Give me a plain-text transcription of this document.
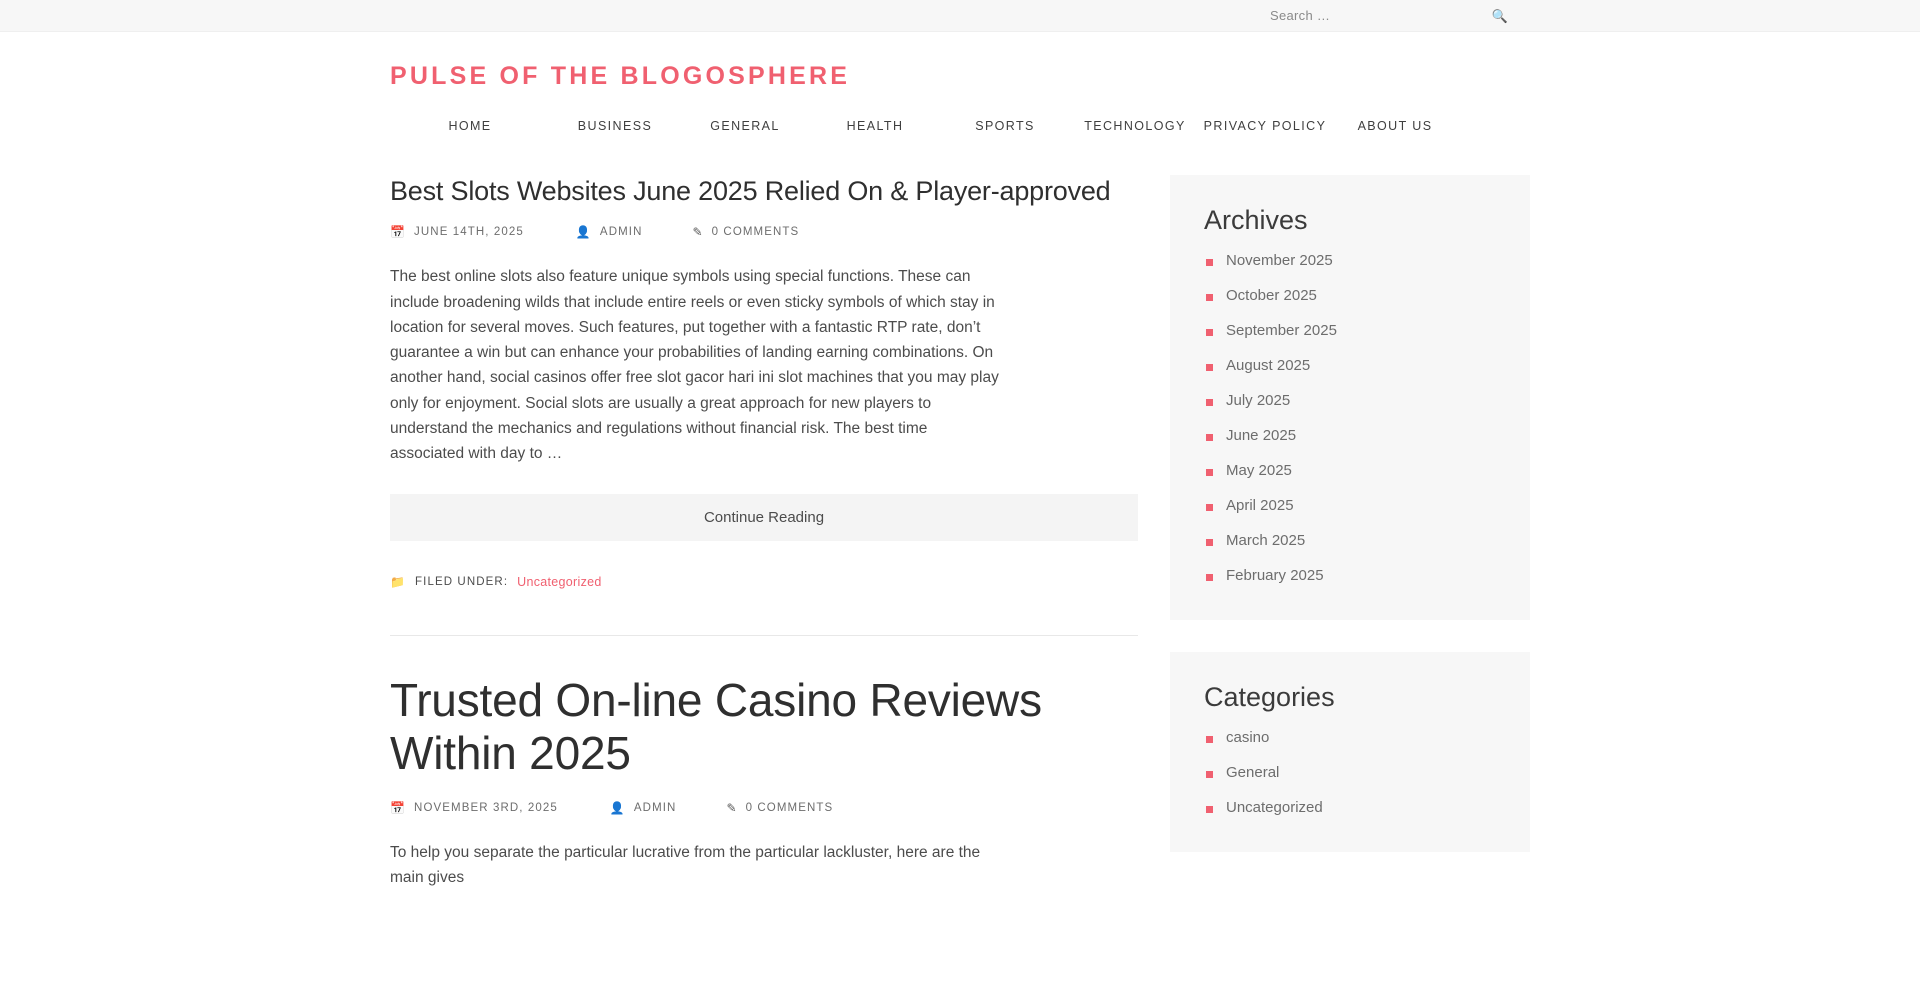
Search …
🔍
PULSE OF THE BLOGOSPHERE
HOME	BUSINESS	GENERAL	HEALTH	SPORTS	TECHNOLOGY	PRIVACY POLICY	ABOUT US
Best Slots Websites June 2025 Relied On & Player-approved
📅 JUNE 14TH, 2025	👤 ADMIN	✎ 0 COMMENTS

The best online slots also feature unique symbols using special functions. These can include broadening wilds that include entire reels or even sticky symbols of which stay in location for several moves. Such features, put together with a fantastic RTP rate, don’t guarantee a win but can enhance your probabilities of landing earning combinations. On another hand, social casinos offer free slot gacor hari ini slot machines that you may play only for enjoyment. Social slots are usually a great approach for new players to understand the mechanics and regulations without financial risk. The best time associated with day to …

Continue Reading
📁 FILED UNDER: Uncategorized
Trusted On-line Casino Reviews Within 2025
📅 NOVEMBER 3RD, 2025	👤 ADMIN	✎ 0 COMMENTS

To help you separate the particular lucrative from the particular lackluster, here are the main gives

Archives
November 2025
October 2025
September 2025
August 2025
July 2025
June 2025
May 2025
April 2025
March 2025
February 2025
Categories
casino
General
Uncategorized
